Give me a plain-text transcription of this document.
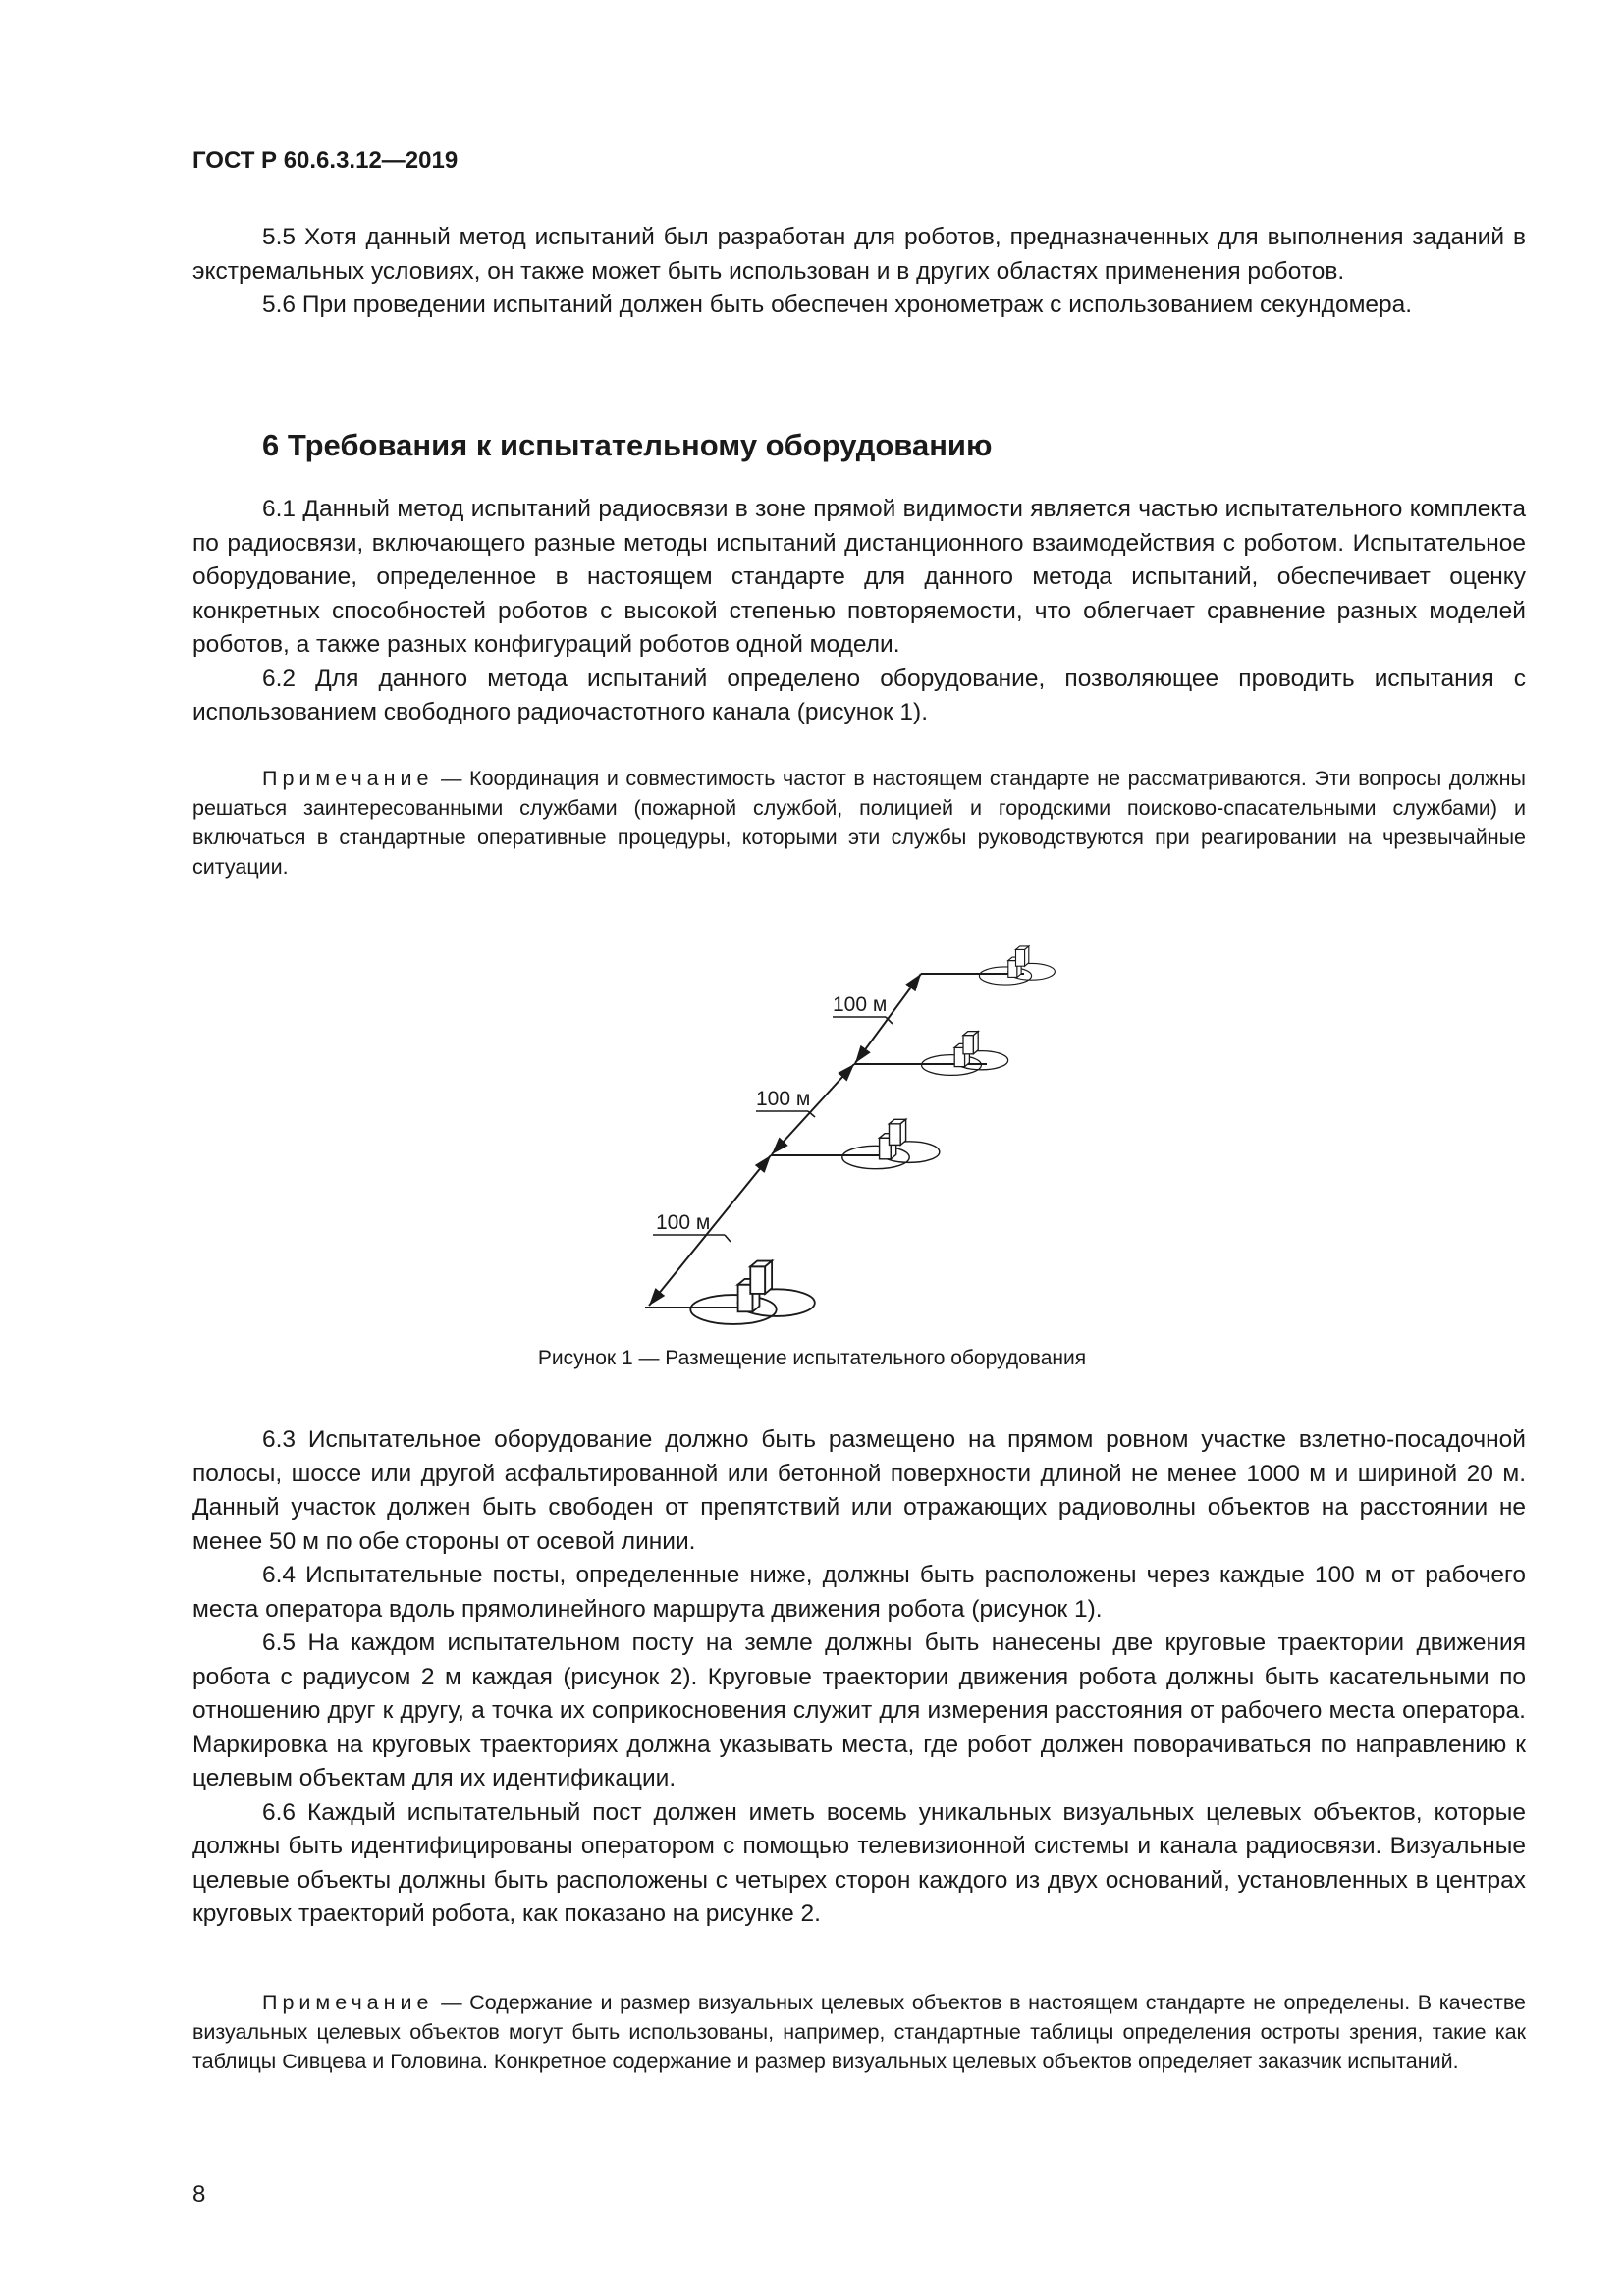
ГОСТ Р 60.6.3.12—2019

5.5 Хотя данный метод испытаний был разработан для роботов, предназначенных для выполнения заданий в экстремальных условиях, он также может быть использован и в других областях применения роботов.

5.6 При проведении испытаний должен быть обеспечен хронометраж с использованием секундомера.

6 Требования к испытательному оборудованию

6.1 Данный метод испытаний радиосвязи в зоне прямой видимости является частью испытательного комплекта по радиосвязи, включающего разные методы испытаний дистанционного взаимодействия с роботом. Испытательное оборудование, определенное в настоящем стандарте для данного метода испытаний, обеспечивает оценку конкретных способностей роботов с высокой степенью повторяемости, что облегчает сравнение разных моделей роботов, а также разных конфигураций роботов одной модели.

6.2 Для данного метода испытаний определено оборудование, позволяющее проводить испытания с использованием свободного радиочастотного канала (рисунок 1).

Примечание — Координация и совместимость частот в настоящем стандарте не рассматриваются. Эти вопросы должны решаться заинтересованными службами (пожарной службой, полицией и городскими поисково-спасательными службами) и включаться в стандартные оперативные процедуры, которыми эти службы руководствуются при реагировании на чрезвычайные ситуации.

100 м
100 м
100 м
Рисунок 1 — Размещение испытательного оборудования

6.3 Испытательное оборудование должно быть размещено на прямом ровном участке взлетно-посадочной полосы, шоссе или другой асфальтированной или бетонной поверхности длиной не менее 1000 м и шириной 20 м. Данный участок должен быть свободен от препятствий или отражающих радиоволны объектов на расстоянии не менее 50 м по обе стороны от осевой линии.

6.4 Испытательные посты, определенные ниже, должны быть расположены через каждые 100 м от рабочего места оператора вдоль прямолинейного маршрута движения робота (рисунок 1).

6.5 На каждом испытательном посту на земле должны быть нанесены две круговые траектории движения робота с радиусом 2 м каждая (рисунок 2). Круговые траектории движения робота должны быть касательными по отношению друг к другу, а точка их соприкосновения служит для измерения расстояния от рабочего места оператора. Маркировка на круговых траекториях должна указывать места, где робот должен поворачиваться по направлению к целевым объектам для их идентификации.

6.6 Каждый испытательный пост должен иметь восемь уникальных визуальных целевых объектов, которые должны быть идентифицированы оператором с помощью телевизионной системы и канала радиосвязи. Визуальные целевые объекты должны быть расположены с четырех сторон каждого из двух оснований, установленных в центрах круговых траекторий робота, как показано на рисунке 2.

Примечание — Содержание и размер визуальных целевых объектов в настоящем стандарте не определены. В качестве визуальных целевых объектов могут быть использованы, например, стандартные таблицы определения остроты зрения, такие как таблицы Сивцева и Головина. Конкретное содержание и размер визуальных целевых объектов определяет заказчик испытаний.

8
